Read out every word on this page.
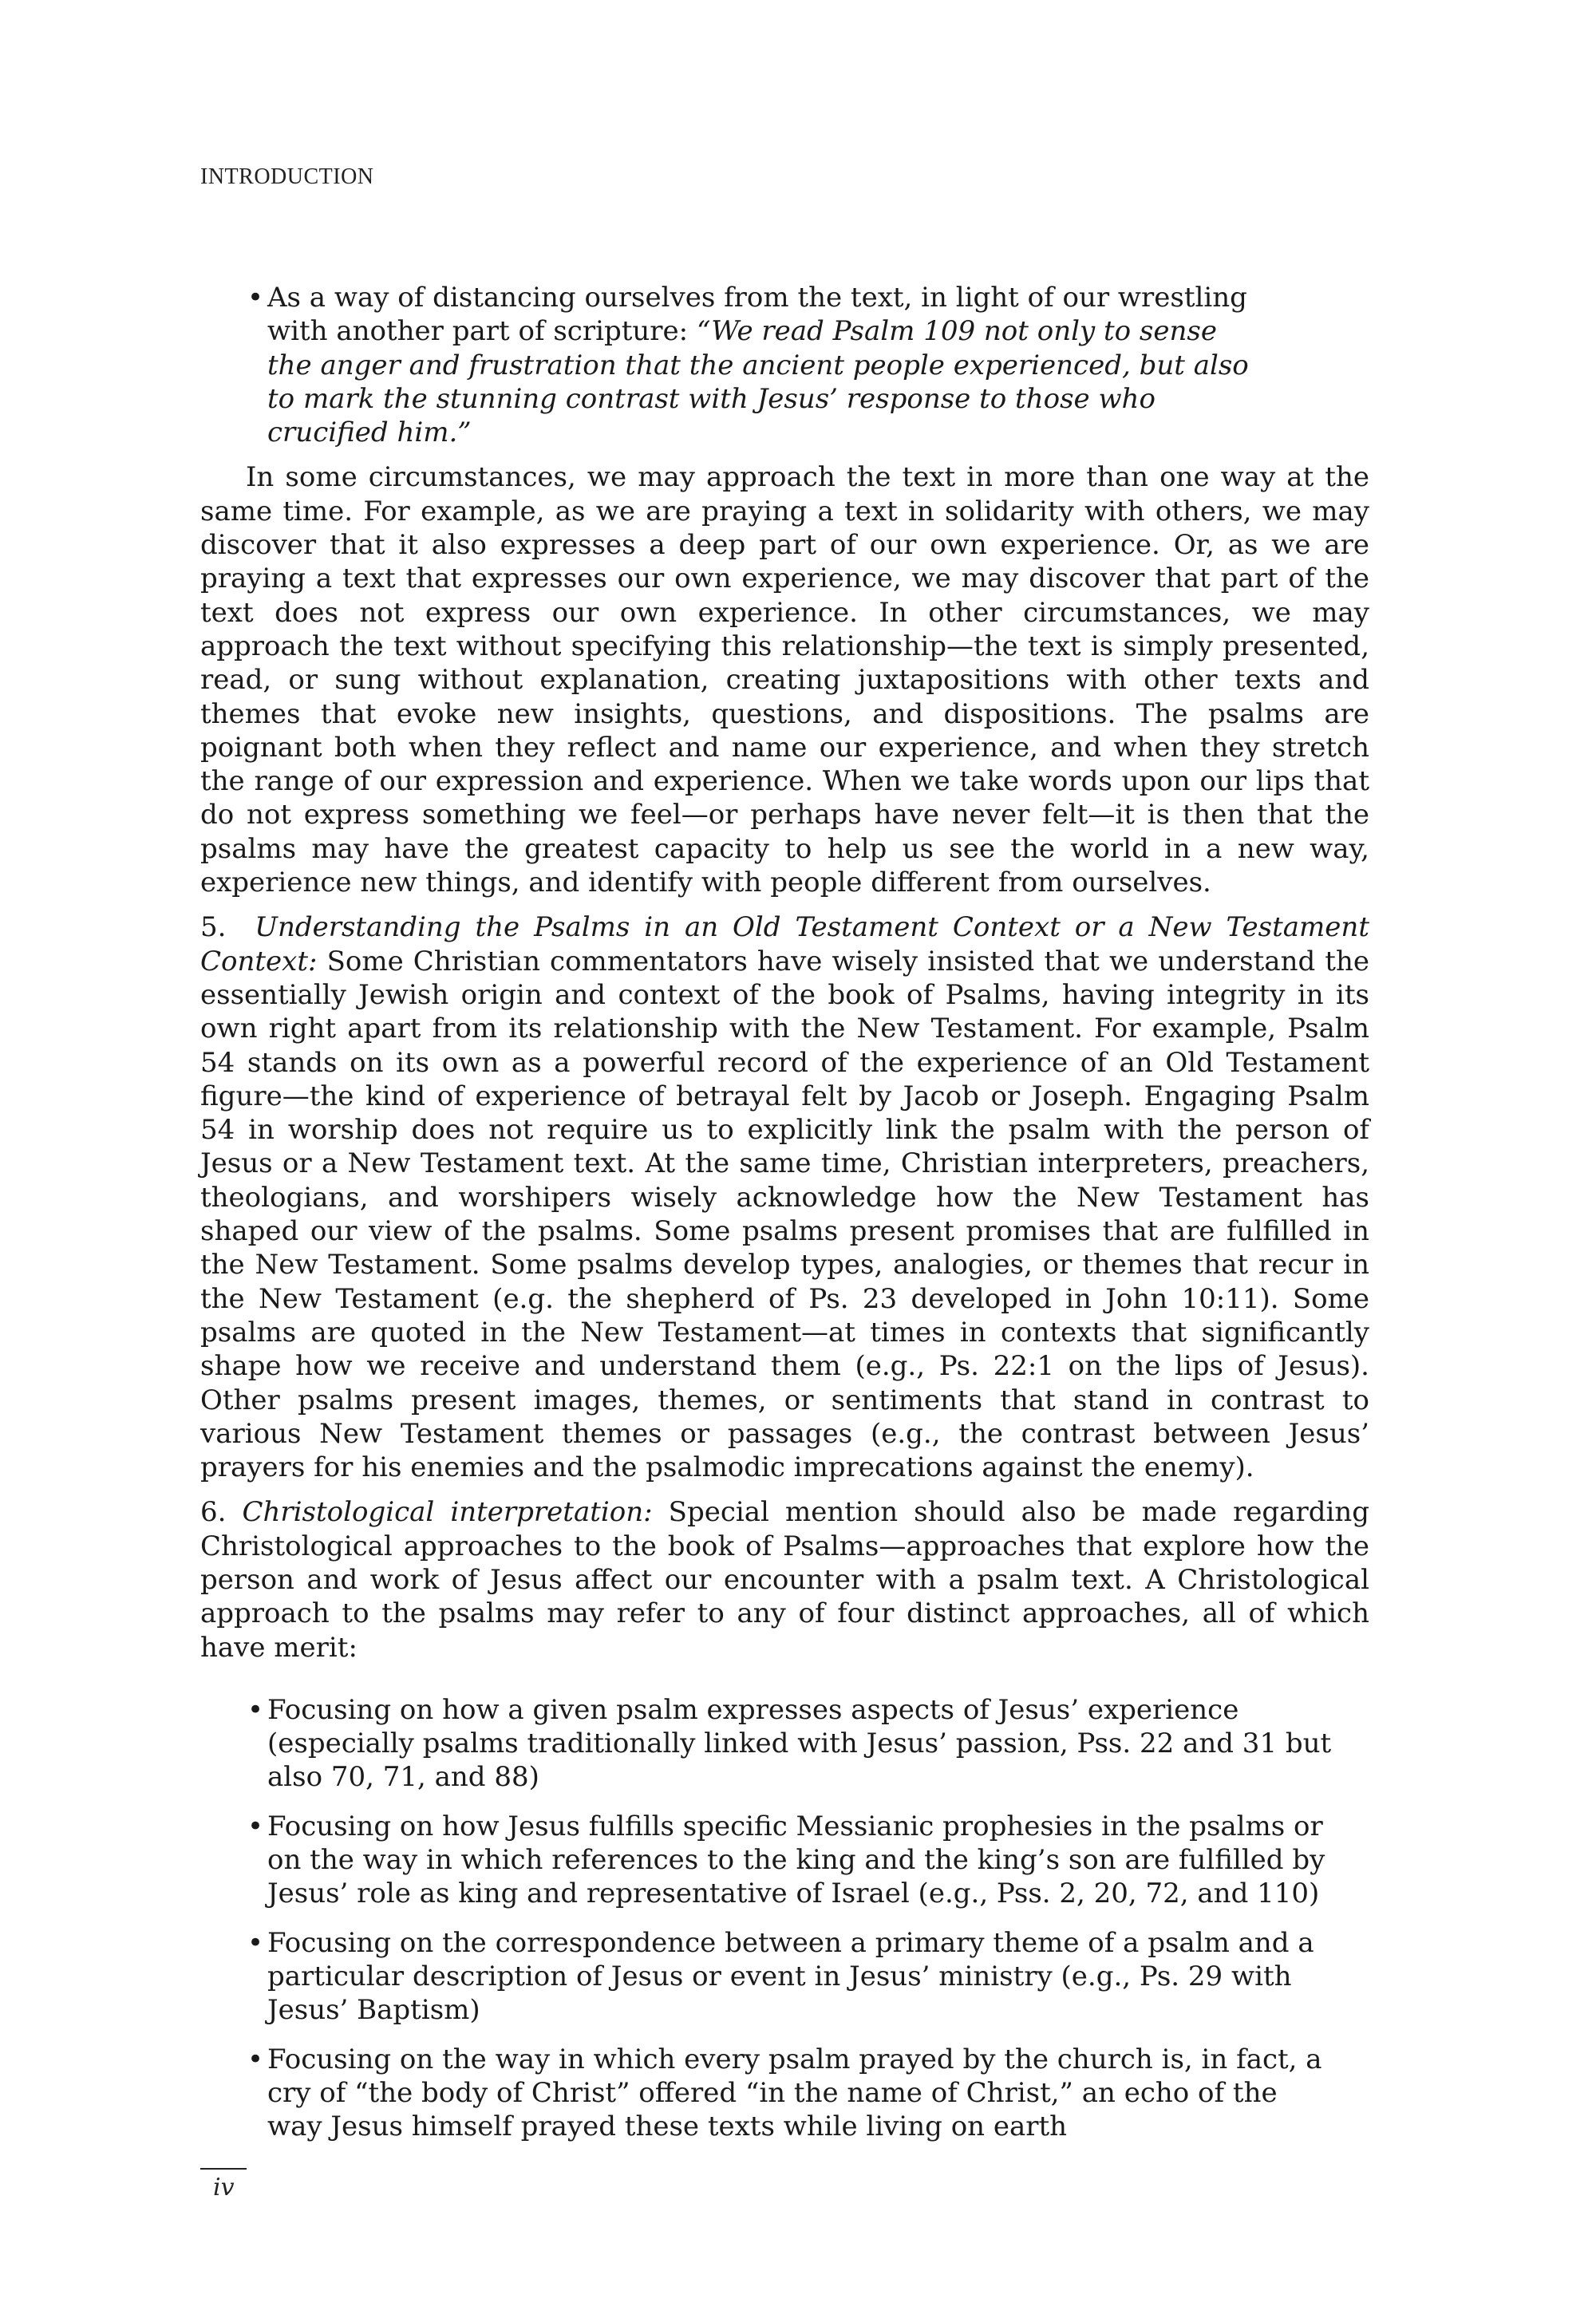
INTRODUCTION
• As a way of distancing ourselves from the text, in light of our wrestling with another part of scripture: “We read Psalm 109 not only to sense the anger and frustration that the ancient people experienced, but also to mark the stunning contrast with Jesus’ response to those who crucified him.”

In some circumstances, we may approach the text in more than one way at the same time. For example, as we are praying a text in solidarity with others, we may discover that it also expresses a deep part of our own experience. Or, as we are praying a text that expresses our own experience, we may discover that part of the text does not express our own experience. In other circumstances, we may approach the text without specifying this relationship—the text is simply presented, read, or sung without explanation, creating juxtapositions with other texts and themes that evoke new insights, questions, and dispositions. The psalms are poignant both when they reflect and name our experience, and when they stretch the range of our expression and experience. When we take words upon our lips that do not express something we feel—or perhaps have never felt—it is then that the psalms may have the greatest capacity to help us see the world in a new way, experience new things, and identify with people different from ourselves.

5. Understanding the Psalms in an Old Testament Context or a New Testament Context: Some Christian commentators have wisely insisted that we understand the essentially Jewish origin and context of the book of Psalms, having integrity in its own right apart from its relationship with the New Testament. For example, Psalm 54 stands on its own as a powerful record of the experience of an Old Testament figure—the kind of experience of betrayal felt by Jacob or Joseph. Engaging Psalm 54 in worship does not require us to explicitly link the psalm with the person of Jesus or a New Testament text. At the same time, Christian interpreters, preachers, theologians, and worshipers wisely acknowledge how the New Testament has shaped our view of the psalms. Some psalms present promises that are fulfilled in the New Testament. Some psalms develop types, analogies, or themes that recur in the New Testament (e.g. the shepherd of Ps. 23 developed in John 10:11). Some psalms are quoted in the New Testament—at times in contexts that significantly shape how we receive and understand them (e.g., Ps. 22:1 on the lips of Jesus). Other psalms present images, themes, or sentiments that stand in contrast to various New Testament themes or passages (e.g., the contrast between Jesus’ prayers for his enemies and the psalmodic imprecations against the enemy).

6. Christological interpretation: Special mention should also be made regarding Christological approaches to the book of Psalms—approaches that explore how the person and work of Jesus affect our encounter with a psalm text. A Christological approach to the psalms may refer to any of four distinct approaches, all of which have merit:

• Focusing on how a given psalm expresses aspects of Jesus’ experience (especially psalms traditionally linked with Jesus’ passion, Pss. 22 and 31 but also 70, 71, and 88)
• Focusing on how Jesus fulfills specific Messianic prophesies in the psalms or on the way in which references to the king and the king’s son are fulfilled by Jesus’ role as king and representative of Israel (e.g., Pss. 2, 20, 72, and 110)
• Focusing on the correspondence between a primary theme of a psalm and a particular description of Jesus or event in Jesus’ ministry (e.g., Ps. 29 with Jesus’ Baptism)
• Focusing on the way in which every psalm prayed by the church is, in fact, a cry of “the body of Christ” offered “in the name of Christ,” an echo of the way Jesus himself prayed these texts while living on earth
iv
